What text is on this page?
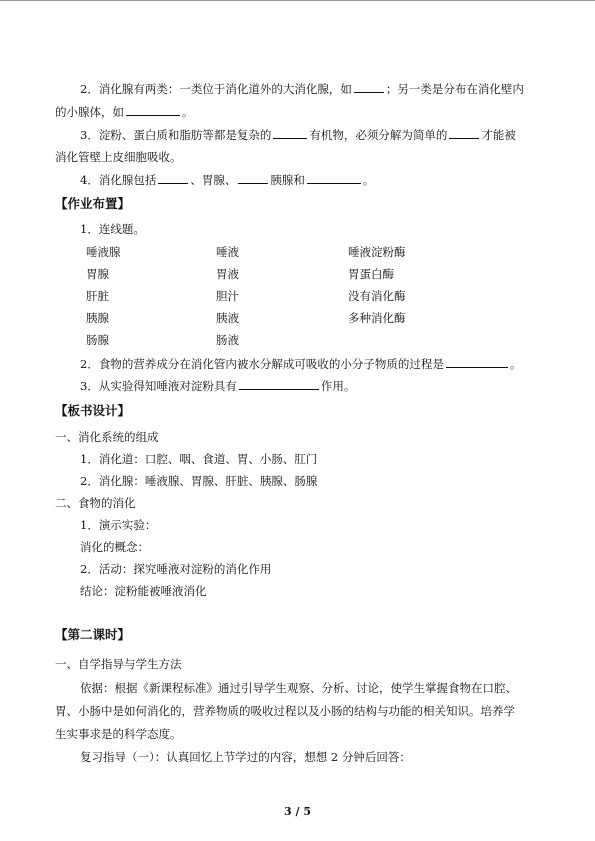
2．消化腺有两类：一类位于消化道外的大消化腺，如	；另一类是分布在消化壁内
的小腺体，如	。
3．淀粉、蛋白质和脂肪等都是复杂的	有机物，必须分解为简单的	才能被
消化管壁上皮细胞吸收。
4．消化腺包括	、胃腺、	胰腺和	。
【作业布置】
1．连线题。
唾液腺	唾液	唾液淀粉酶
胃腺	胃液	胃蛋白酶
肝脏	胆汁	没有消化酶
胰腺	胰液	多种消化酶
肠腺	肠液
2．食物的营养成分在消化管内被水分解成可吸收的小分子物质的过程是	。
3．从实验得知唾液对淀粉具有	作用。
【板书设计】
一、消化系统的组成
1．消化道：口腔、咽、食道、胃、小肠、肛门
2．消化腺：唾液腺、胃腺、肝脏、胰腺、肠腺
二、食物的消化
1．演示实验：
消化的概念：
2．活动：探究唾液对淀粉的消化作用
结论：淀粉能被唾液消化
【第二课时】
一、自学指导与学生方法
依据：根据《新课程标准》通过引导学生观察、分析、讨论，使学生掌握食物在口腔、
胃、小肠中是如何消化的，营养物质的吸收过程以及小肠的结构与功能的相关知识。培养学
生实事求是的科学态度。
复习指导（一）：认真回忆上节学过的内容，想想 2 分钟后回答：
3 / 5
